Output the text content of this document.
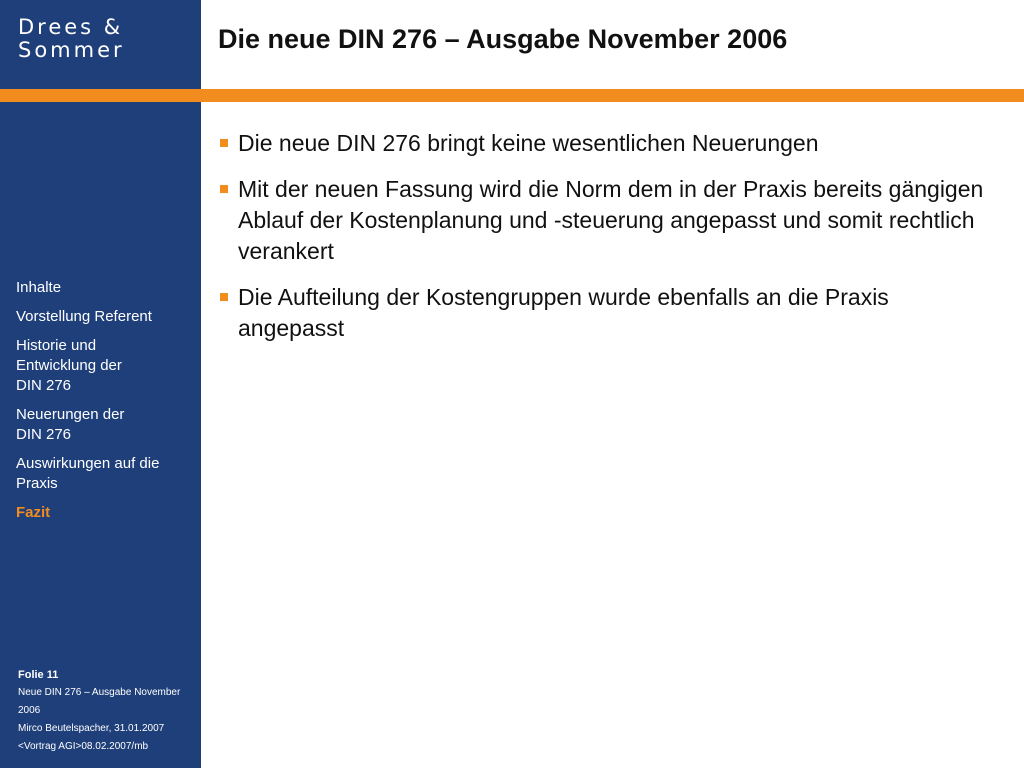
Drees &
Sommer
Inhalte
Vorstellung Referent
Historie und Entwicklung der DIN 276
Neuerungen der DIN 276
Auswirkungen auf die Praxis
Fazit
Folie 11
Neue DIN 276 – Ausgabe November 2006
Mirco Beutelspacher, 31.01.2007
<Vortrag AGI>08.02.2007/mb
Die neue DIN 276 – Ausgabe November 2006
Die neue DIN 276 bringt keine wesentlichen Neuerungen
Mit der neuen Fassung wird die Norm dem in der Praxis bereits gängigen Ablauf der Kostenplanung und -steuerung angepasst und somit rechtlich verankert
Die Aufteilung der Kostengruppen wurde ebenfalls an die Praxis angepasst
